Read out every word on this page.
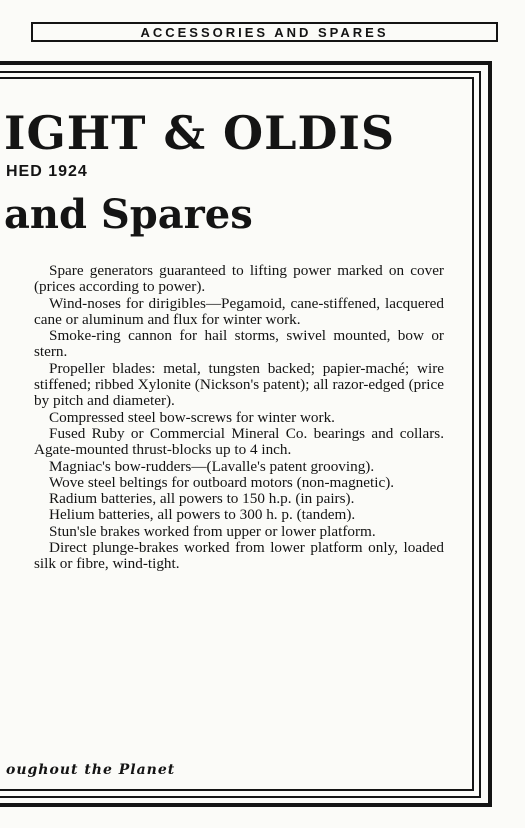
ACCESSORIES AND SPARES
IGHT & OLDIS
HED 1924
and Spares

Spare generators guaranteed to lifting power marked on cover (prices according to power).

Wind-noses for dirigibles—Pegamoid, cane-stiffened, lacquered cane or aluminum and flux for winter work.

Smoke-ring cannon for hail storms, swivel mounted, bow or stern.

Propeller blades: metal, tungsten backed; papier-maché; wire stiffened; ribbed Xylonite (Nickson's patent); all razor-edged (price by pitch and diameter).

Compressed steel bow-screws for winter work.

Fused Ruby or Commercial Mineral Co. bearings and collars. Agate-mounted thrust-blocks up to 4 inch.

Magniac's bow-rudders—(Lavalle's patent grooving).

Wove steel beltings for outboard motors (non-magnetic).

Radium batteries, all powers to 150 h.p. (in pairs).

Helium batteries, all powers to 300 h. p. (tandem).

Stun'sle brakes worked from upper or lower platform.

Direct plunge-brakes worked from lower platform only, loaded silk or fibre, wind-tight.

oughout the Planet
